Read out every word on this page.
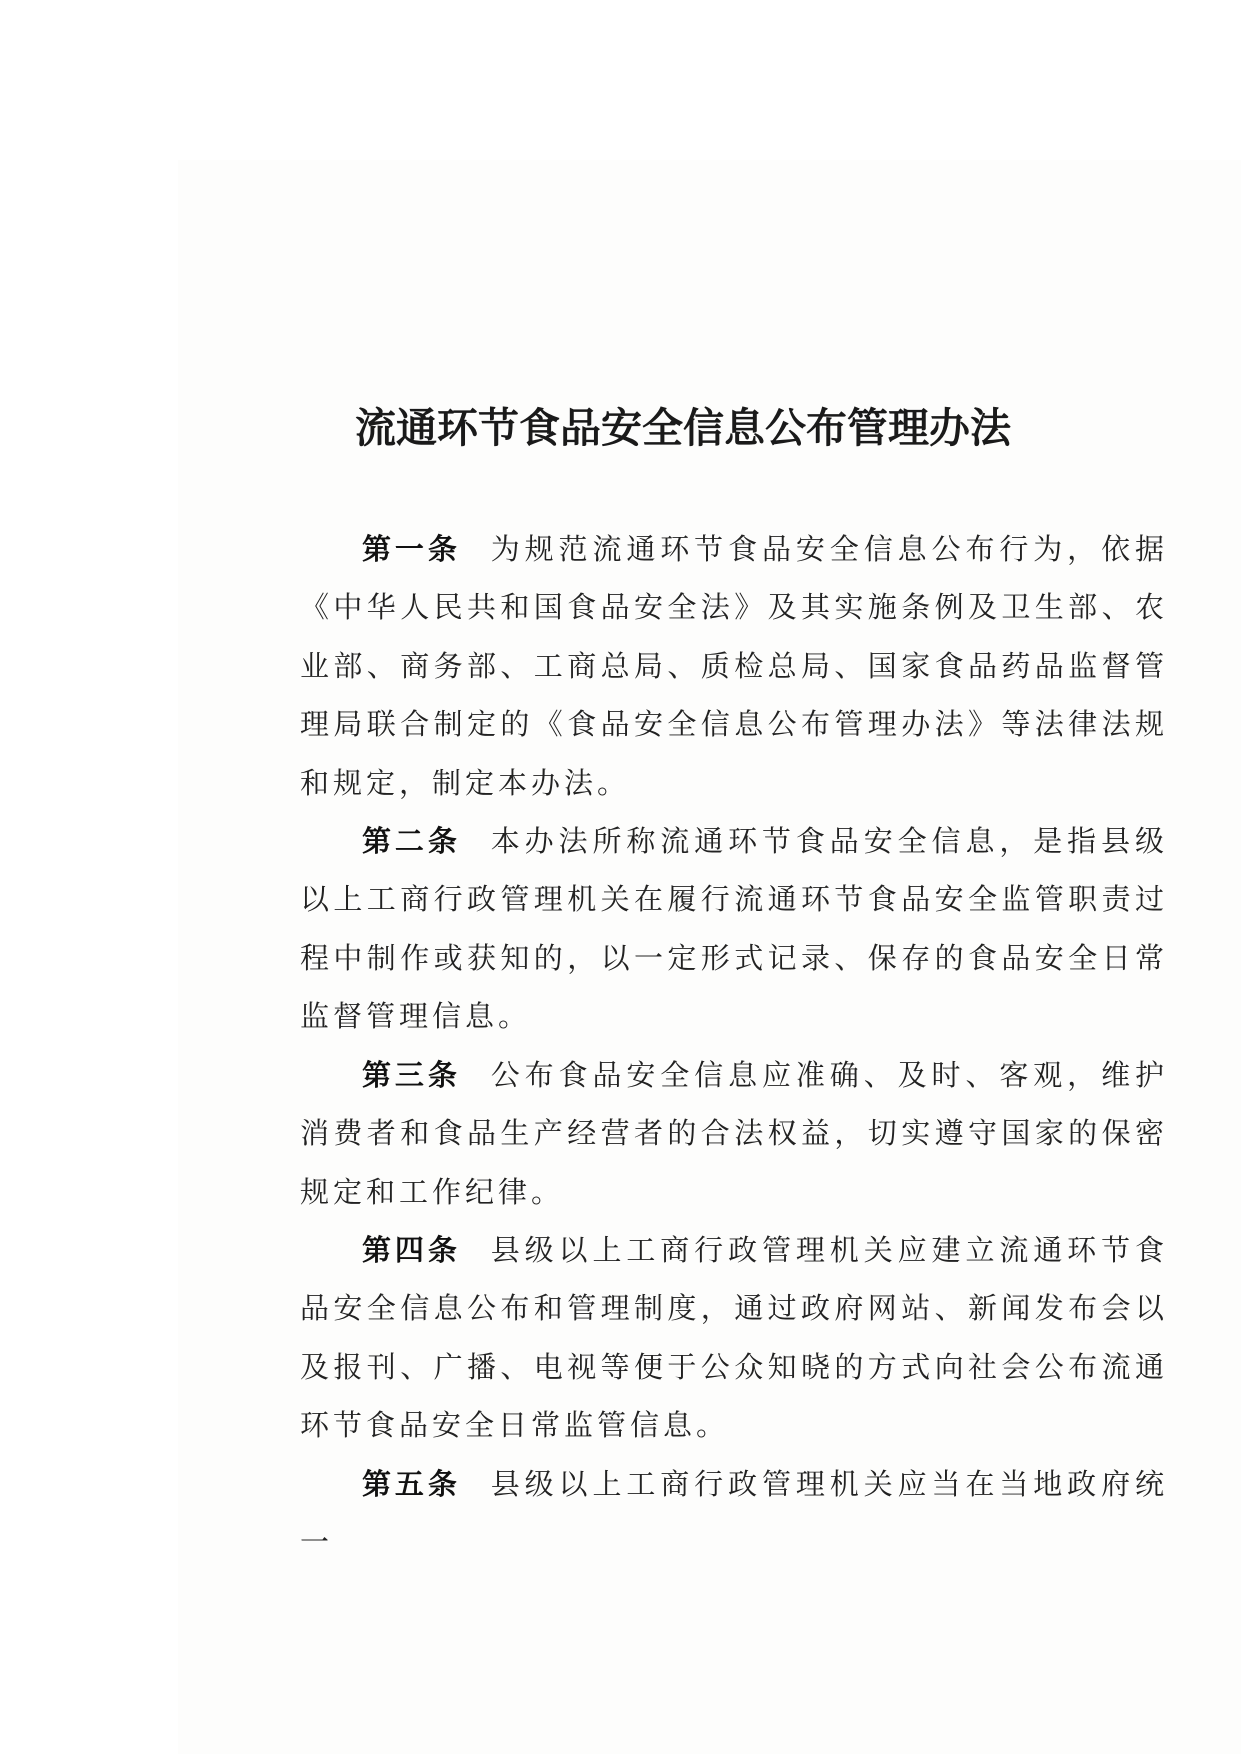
流通环节食品安全信息公布管理办法
第一条 为规范流通环节食品安全信息公布行为，依据《中华人民共和国食品安全法》及其实施条例及卫生部、农业部、商务部、工商总局、质检总局、国家食品药品监督管理局联合制定的《食品安全信息公布管理办法》等法律法规和规定，制定本办法。
第二条 本办法所称流通环节食品安全信息，是指县级以上工商行政管理机关在履行流通环节食品安全监管职责过程中制作或获知的，以一定形式记录、保存的食品安全日常监督管理信息。
第三条 公布食品安全信息应准确、及时、客观，维护消费者和食品生产经营者的合法权益，切实遵守国家的保密规定和工作纪律。
第四条 县级以上工商行政管理机关应建立流通环节食品安全信息公布和管理制度，通过政府网站、新闻发布会以及报刊、广播、电视等便于公众知晓的方式向社会公布流通环节食品安全日常监管信息。
第五条 县级以上工商行政管理机关应当在当地政府统一
